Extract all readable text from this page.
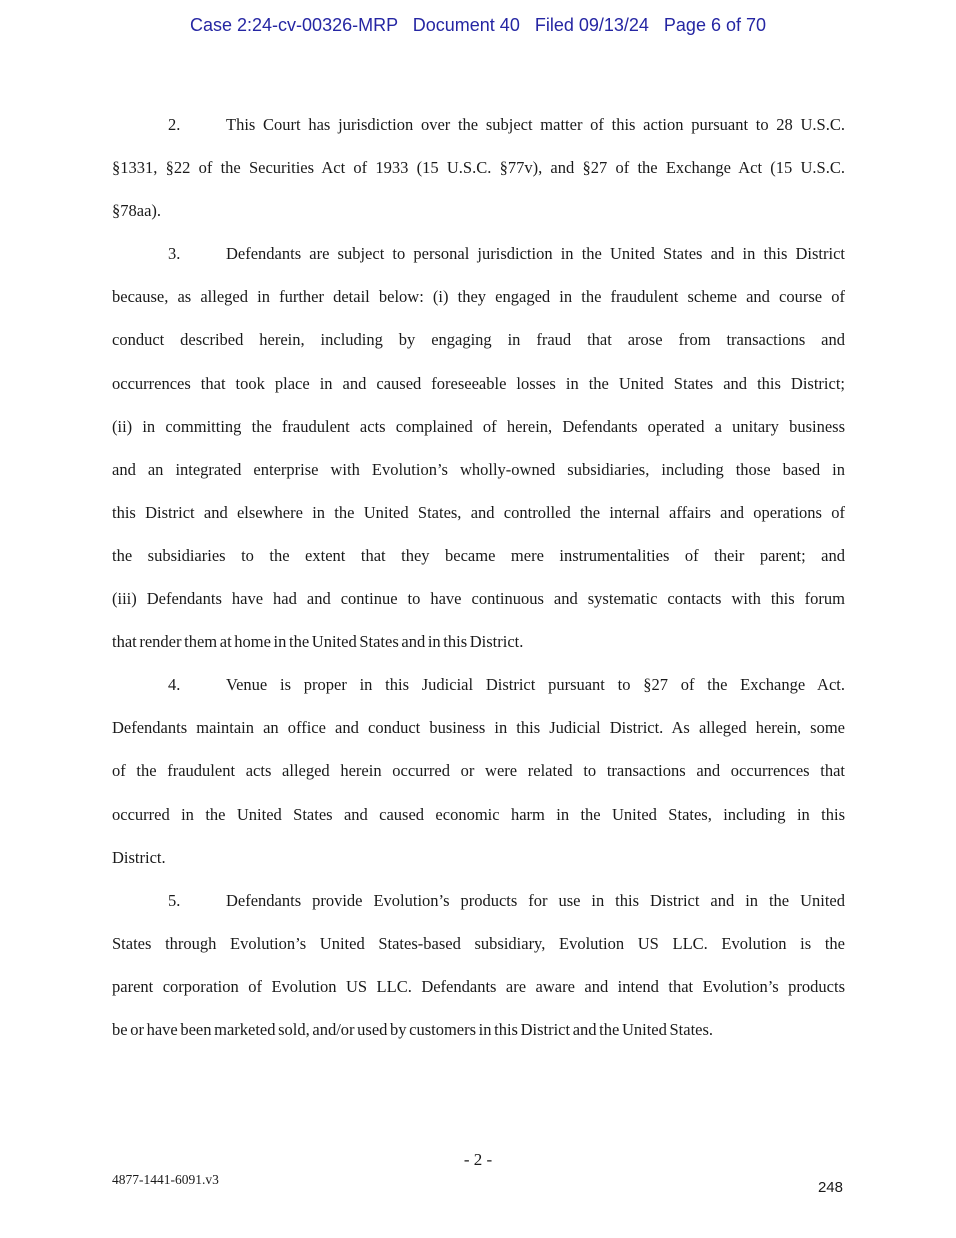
Case 2:24-cv-00326-MRP   Document 40   Filed 09/13/24   Page 6 of 70
2.	This Court has jurisdiction over the subject matter of this action pursuant to 28 U.S.C.
§1331, §22 of the Securities Act of 1933 (15 U.S.C. §77v), and §27 of the Exchange Act (15 U.S.C.
§78aa).
3.	Defendants are subject to personal jurisdiction in the United States and in this District
because, as alleged in further detail below: (i) they engaged in the fraudulent scheme and course of
conduct described herein, including by engaging in fraud that arose from transactions and
occurrences that took place in and caused foreseeable losses in the United States and this District;
(ii) in committing the fraudulent acts complained of herein, Defendants operated a unitary business
and an integrated enterprise with Evolution’s wholly-owned subsidiaries, including those based in
this District and elsewhere in the United States, and controlled the internal affairs and operations of
the subsidiaries to the extent that they became mere instrumentalities of their parent; and
(iii) Defendants have had and continue to have continuous and systematic contacts with this forum
that render them at home in the United States and in this District.
4.	Venue is proper in this Judicial District pursuant to §27 of the Exchange Act.
Defendants maintain an office and conduct business in this Judicial District. As alleged herein, some
of the fraudulent acts alleged herein occurred or were related to transactions and occurrences that
occurred in the United States and caused economic harm in the United States, including in this
District.
5.	Defendants provide Evolution’s products for use in this District and in the United
States through Evolution’s United States-based subsidiary, Evolution US LLC. Evolution is the
parent corporation of Evolution US LLC. Defendants are aware and intend that Evolution’s products
be or have been marketed sold, and/or used by customers in this District and the United States.
- 2 -
4877-1441-6091.v3	248
